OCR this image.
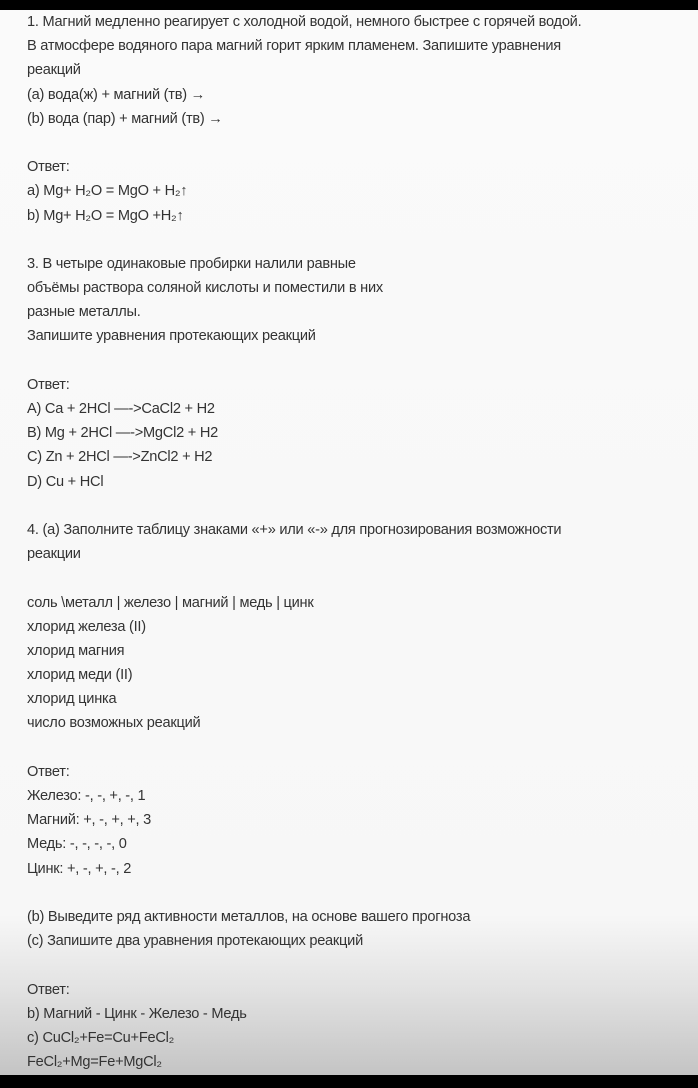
1. Магний медленно реагирует с холодной водой, немного быстрее с горячей водой.
В атмосфере водяного пара магний горит ярким пламенем. Запишите уравнения
реакций
(a) вода(ж) + магний (тв) →
(b) вода (пар) + магний (тв) →
Ответ:
a) Mg+ H₂O = MgO + H₂↑
b) Mg+ H₂O = MgO +H₂↑
3. В четыре одинаковые пробирки налили равные
объёмы раствора соляной кислоты и поместили в них
разные металлы.
Запишите уравнения протекающих реакций
Ответ:
A) Ca + 2HCl —->CaCl2 + H2
B) Mg + 2HCl —->MgCl2 + H2
C) Zn + 2HCl —->ZnCl2 + H2
D) Cu + HCl
4. (a) Заполните таблицу знаками «+» или «-» для прогнозирования возможности
реакции
соль \металл | железо | магний | медь | цинк
хлорид железа (II)
хлорид магния
хлорид меди (II)
хлорид цинка
число возможных реакций
Ответ:
Железо: -, -, +, -, 1
Магний: +, -, +, +, 3
Медь: -, -, -, -, 0
Цинк: +, -, +, -, 2
(b) Выведите ряд активности металлов, на основе вашего прогноза
(c) Запишите два уравнения протекающих реакций
Ответ:
b) Магний - Цинк - Железо - Медь
c) CuCl₂+Fe=Cu+FeCl₂
FeCl₂+Mg=Fe+MgCl₂
